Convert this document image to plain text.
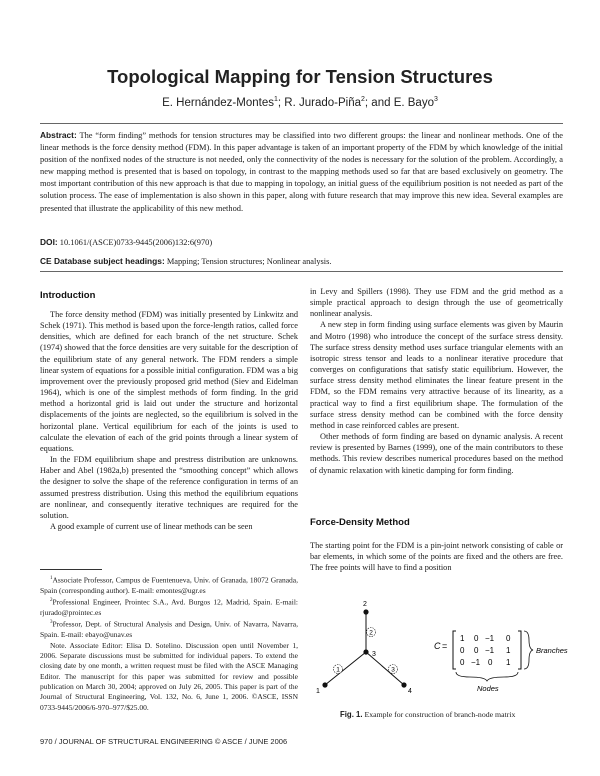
Topological Mapping for Tension Structures
E. Hernández-Montes$^1$; R. Jurado-Piña$^2$; and E. Bayo$^3$
Abstract: The “form finding” methods for tension structures may be classified into two different groups: the linear and nonlinear methods. One of the linear methods is the force density method (FDM). In this paper advantage is taken of an important property of the FDM by which knowledge of the initial position of the nonfixed nodes of the structure is not needed, only the connectivity of the nodes is necessary for the solution of the problem. Accordingly, a new mapping method is presented that is based on topology, in contrast to the mapping methods used so far that are based exclusively on geometry. The most important contribution of this new approach is that due to mapping in topology, an initial guess of the equilibrium position is not needed as part of the solution process. The ease of implementation is also shown in this paper, along with future research that may improve this new idea. Several examples are presented that illustrate the applicability of this new method.
DOI: 10.1061/(ASCE)0733-9445(2006)132:6(970)
CE Database subject headings: Mapping; Tension structures; Nonlinear analysis.
Introduction

The force density method (FDM) was initially presented by Linkwitz and Schek (1971). This method is based upon the force-length ratios, called force densities, which are defined for each branch of the net structure. Schek (1974) showed that the force densities are very suitable for the description of the equilibrium state of any general network. The FDM renders a simple linear system of equations for a possible initial configuration. FDM was a big improvement over the previously proposed grid method (Siev and Eidelman 1964), which is one of the simplest methods of form finding. In the grid method a horizontal grid is laid out under the structure and horizontal displacements of the joints are neglected, so the equilibrium is solved in the horizontal plane. Vertical equilibrium for each of the joints is used to calculate the elevation of each of the grid points through a linear system of equations.

In the FDM equilibrium shape and prestress distribution are unknowns. Haber and Abel (1982a,b) presented the “smoothing concept” which allows the designer to solve the shape of the reference configuration in terms of an assumed prestress distribution. Using this method the equilibrium equations are nonlinear, and consequently iterative techniques are required for the solution.

A good example of current use of linear methods can be seen

$^1$Associate Professor, Campus de Fuentenueva, Univ. of Granada, 18072 Granada, Spain (corresponding author). E-mail: emontes@ugr.es

$^2$Professional Engineer, Prointec S.A., Avd. Burgos 12, Madrid, Spain. E-mail: rjurado@prointec.es

$^3$Professor, Dept. of Structural Analysis and Design, Univ. of Navarra, Navarra, Spain. E-mail: ebayo@unav.es

Note. Associate Editor: Elisa D. Sotelino. Discussion open until November 1, 2006. Separate discussions must be submitted for individual papers. To extend the closing date by one month, a written request must be filed with the ASCE Managing Editor. The manuscript for this paper was submitted for review and possible publication on March 30, 2004; approved on July 26, 2005. This paper is part of the Journal of Structural Engineering, Vol. 132, No. 6, June 1, 2006. ©ASCE, ISSN 0733-9445/2006/6-970–977/$25.00.

in Levy and Spillers (1998). They use FDM and the grid method as a simple practical approach to design through the use of geometrically nonlinear analysis.

A new step in form finding using surface elements was given by Maurin and Motro (1998) who introduce the concept of the surface stress density. The surface stress density method uses surface triangular elements with an isotropic stress tensor and leads to a nonlinear iterative procedure that converges on configurations that satisfy static equilibrium. However, the surface stress density method eliminates the linear feature present in the FDM, so the FDM remains very attractive because of its linearity, as a practical way to find a first equilibrium shape. The formulation of the surface stress density method can be combined with the force density method in case reinforced cables are present.

Other methods of form finding are based on dynamic analysis. A recent review is presented by Barnes (1999), one of the main contributors to these methods. This review describes numerical procedures based on the method of dynamic relaxation with kinetic damping for form finding.

Force-Density Method

The starting point for the FDM is a pin-joint network consisting of cable or bar elements, in which some of the points are fixed and the others are free. The free points will have to find a position

2
3
1	4
2
1	3
C =
1 0 −1 0
0 0 −1 1
0 −1 0 1
Branches
Nodes
Fig. 1. Example for construction of branch-node matrix
970 / JOURNAL OF STRUCTURAL ENGINEERING © ASCE / JUNE 2006
